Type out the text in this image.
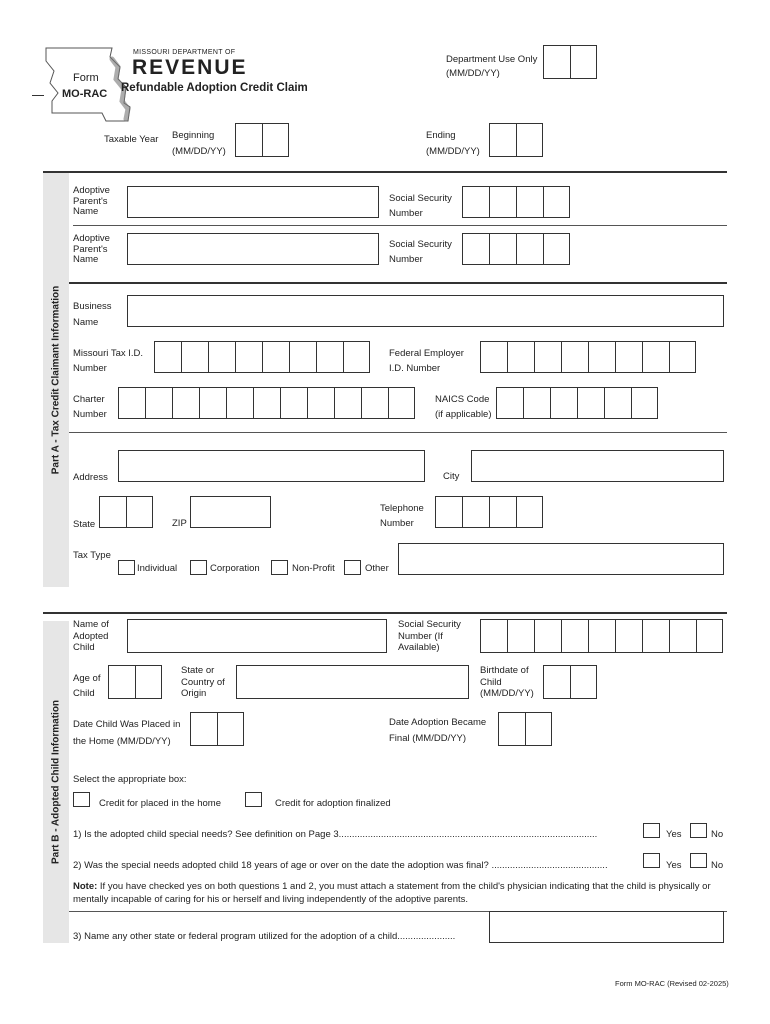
Form
MO-RAC
MISSOURI DEPARTMENT OF
REVENUE
Refundable Adoption Credit Claim
Department Use Only
(MM/DD/YY)
Taxable Year Beginning
(MM/DD/YY)
Ending
(MM/DD/YY)
Part A - Tax Credit Claimant Information
Adoptive Parent's Name
Social Security
Number
Adoptive Parent's Name
Social Security
Number
Business
Name
Missouri Tax I.D.
Number
Federal Employer
I.D. Number
Charter
Number
NAICS Code
(if applicable)
Address	City
State	ZIP
Telephone
Number
Tax Type
Individual	Corporation	Non-Profit	Other
Part B - Adopted Child Information
Name of Adopted Child
Social Security Number (If Available)
Age of
Child
State or Country of Origin
Birthdate of Child (MM/DD/YY)
Date Child Was Placed in
the Home (MM/DD/YY)
Date Adoption Became
Final (MM/DD/YY)
Select the appropriate box:
Credit for placed in the home	Credit for adoption finalized
1) Is the adopted child special needs? See definition on Page 3..................................................................................................	Yes	No
2) Was the special needs adopted child 18 years of age or over on the date the adoption was final? ............................................	Yes	No
Note: If you have checked yes on both questions 1 and 2, you must attach a statement from the child's physician indicating that the child is physically or mentally incapable of caring for his or herself and living independently of the adoptive parents.
3) Name any other state or federal program utilized for the adoption of a child......................
Form MO-RAC (Revised 02-2025)
